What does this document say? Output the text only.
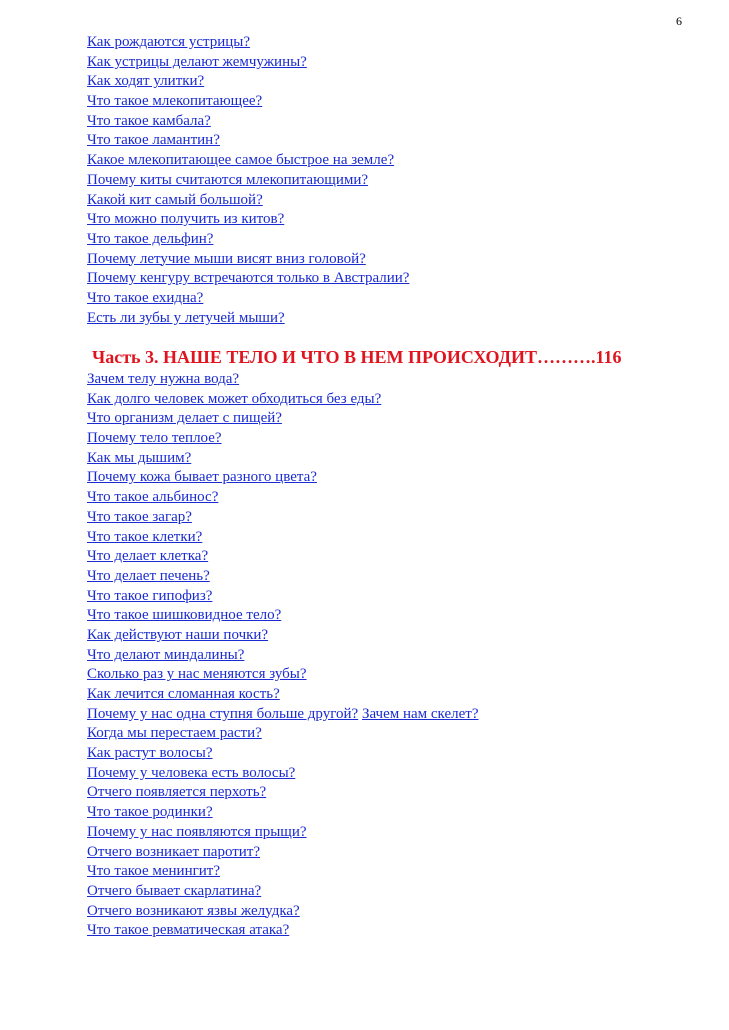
6
Как рождаются устрицы?
Как устрицы делают жемчужины?
Как ходят улитки?
Что такое млекопитающее?
Что такое камбала?
Что такое ламантин?
Какое млекопитающее самое быстрое на земле?
Почему киты считаются млекопитающими?
Какой кит самый большой?
Что можно получить из китов?
Что такое дельфин?
Почему летучие мыши висят вниз головой?
Почему кенгуру встречаются только в Австралии?
Что такое ехидна?
Есть ли зубы у летучей мыши?
Часть 3. НАШЕ ТЕЛО И ЧТО В НЕМ ПРОИСХОДИТ……….116
Зачем телу нужна вода?
Как долго человек может обходиться без еды?
Что организм делает с пищей?
Почему тело теплое?
Как мы дышим?
Почему кожа бывает разного цвета?
Что такое альбинос?
Что такое загар?
Что такое клетки?
Что делает клетка?
Что делает печень?
Что такое гипофиз?
Что такое шишковидное тело?
Как действуют наши почки?
Что делают миндалины?
Сколько раз у нас меняются зубы?
Как лечится сломанная кость?
Почему у нас одна ступня больше другой? Зачем нам скелет?
Когда мы перестаем расти?
Как растут волосы?
Почему у человека есть волосы?
Отчего появляется перхоть?
Что такое родинки?
Почему у нас появляются прыщи?
Отчего возникает паротит?
Что такое менингит?
Отчего бывает скарлатина?
Отчего возникают язвы желудка?
Что такое ревматическая атака?
